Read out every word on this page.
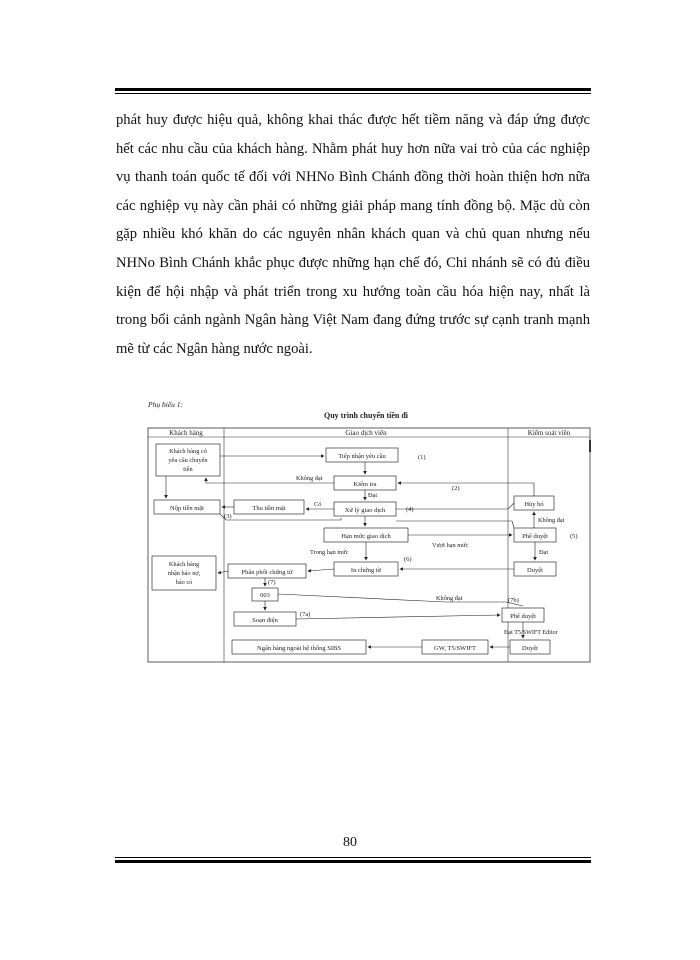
phát huy được hiệu quả, không khai thác được hết tiềm năng và đáp ứng được hết các nhu cầu của khách hàng. Nhằm phát huy hơn nữa vai trò của các nghiệp vụ thanh toán quốc tế đối với NHNo Bình Chánh đồng thời hoàn thiện hơn nữa các nghiệp vụ này cần phải có những giải pháp mang tính đồng bộ. Mặc dù còn gặp nhiều khó khăn do các nguyên nhân khách quan và chủ quan nhưng nếu NHNo Bình Chánh khắc phục được những hạn chế đó, Chi nhánh sẽ có đủ điều kiện để hội nhập và phát triển trong xu hướng toàn cầu hóa hiện nay, nhất là trong bối cảnh ngành Ngân hàng Việt Nam đang đứng trước sự cạnh tranh mạnh mẽ từ các Ngân hàng nước ngoài.

Phụ biểu 1:
Quy trình chuyển tiền đi
Khách hàng	Giao dịch viên	Kiểm soát viên
Khách hàng có
yêu cầu chuyển
tiền
Nộp tiền mặt
Khách hàng
nhận báo nợ,
báo có
Tiếp nhận yêu cầu
Kiểm tra
Xử lý giao dịch
Thu tiền mặt
Hạn mức giao dịch
In chứng từ
Phân phối chứng từ
003
Soạn điện
Ngân hàng ngoài hệ thống SIBS	GW, T5/SWIFT
Hủy bỏ
Phê duyệt
Duyệt
Phê duyệt
Duyệt
Không đạt
Đạt
Có
Trong hạn mức
Vượt hạn mức
Không đạt
Đạt
Không đạt
Đạt T5/SWIFT Editor
(1)
(2)
(3)
(4)
(5)
(6)
(7)
(7a)
(7b)
80
